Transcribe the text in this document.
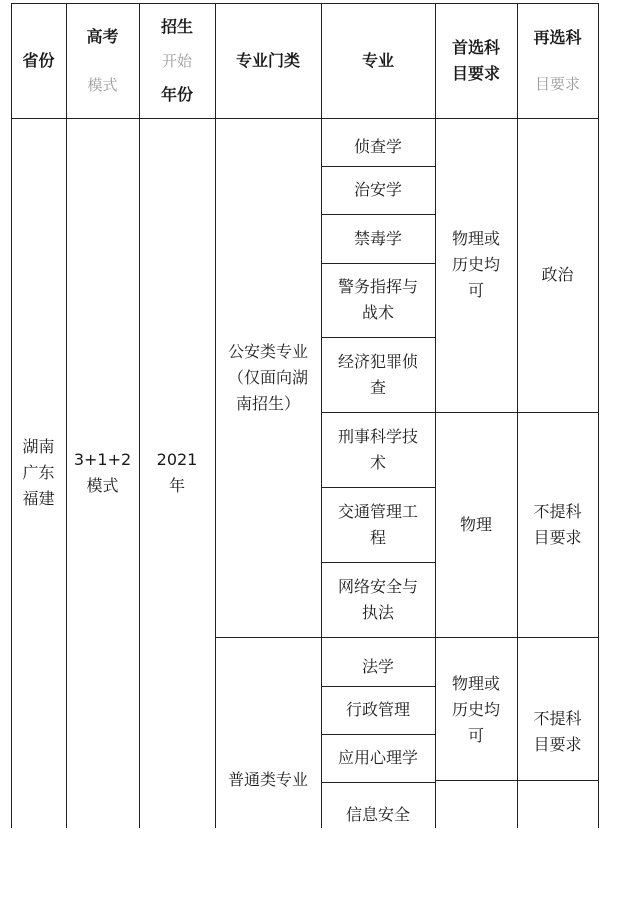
省份
高考
模式
招生
开始
年份
专业门类	专业
首选科
目要求
再选科
目要求
湖南
广东
福建
3+1+2
模式
2021
年
公安类专业
（仅面向湖
南招生）
普通类专业
侦查学
治安学
禁毒学
警务指挥与
战术
经济犯罪侦
查
刑事科学技
术
交通管理工
程
网络安全与
执法
法学
行政管理
应用心理学
信息安全
物理或
历史均
可
物理
物理或
历史均
可
政治
不提科
目要求
不提科
目要求
